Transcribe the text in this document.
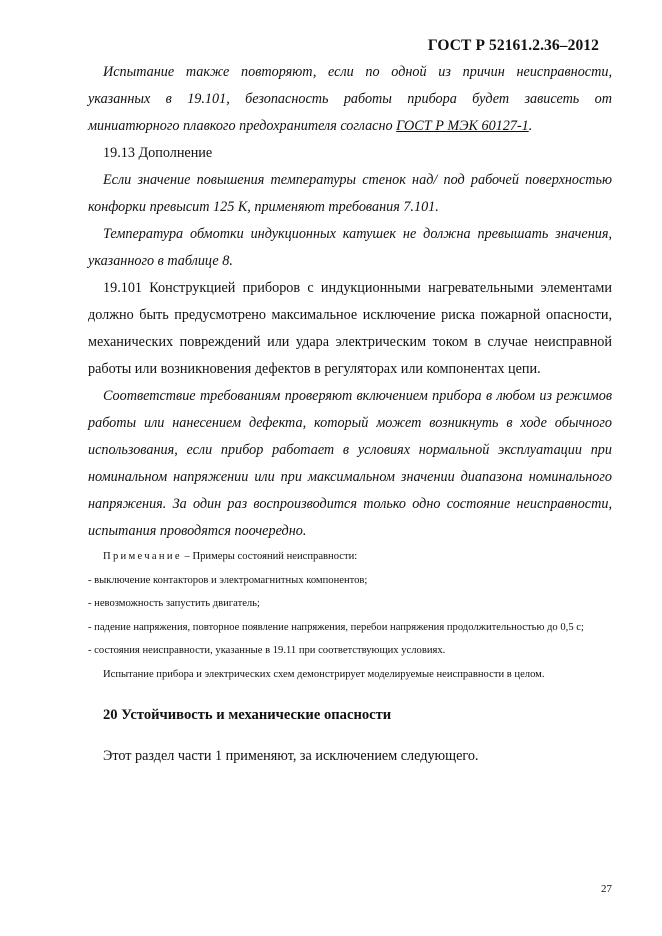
ГОСТ Р 52161.2.36–2012

Испытание также повторяют, если по одной из причин неисправности, указанных в 19.101, безопасность работы прибора будет зависеть от миниатюрного плавкого предохранителя согласно ГОСТ Р МЭК 60127-1.

19.13 Дополнение

Если значение повышения температуры стенок над/ под рабочей поверхностью конфорки превысит 125 К, применяют требования 7.101.

Температура обмотки индукционных катушек не должна превышать значения, указанного в таблице 8.

19.101 Конструкцией приборов с индукционными нагревательными элементами должно быть предусмотрено максимальное исключение риска пожарной опасности, механических повреждений или удара электрическим током в случае неисправной работы или возникновения дефектов в регуляторах или компонентах цепи.

Соответствие требованиям проверяют включением прибора в любом из режимов работы или нанесением дефекта, который может возникнуть в ходе обычного использования, если прибор работает в условиях нормальной эксплуатации при номинальном напряжении или при максимальном значении диапазона номинального напряжения. За один раз воспроизводится только одно состояние неисправности, испытания проводятся поочередно.

Примечание – Примеры состояний неисправности:

- выключение контакторов и электромагнитных компонентов;

- невозможность запустить двигатель;

- падение напряжения, повторное появление напряжения, перебои напряжения продолжительностью до 0,5 с;

- состояния неисправности, указанные в 19.11 при соответствующих условиях.

Испытание прибора и электрических схем демонстрирует моделируемые неисправности в целом.

20 Устойчивость и механические опасности

Этот раздел части 1 применяют, за исключением следующего.

27
